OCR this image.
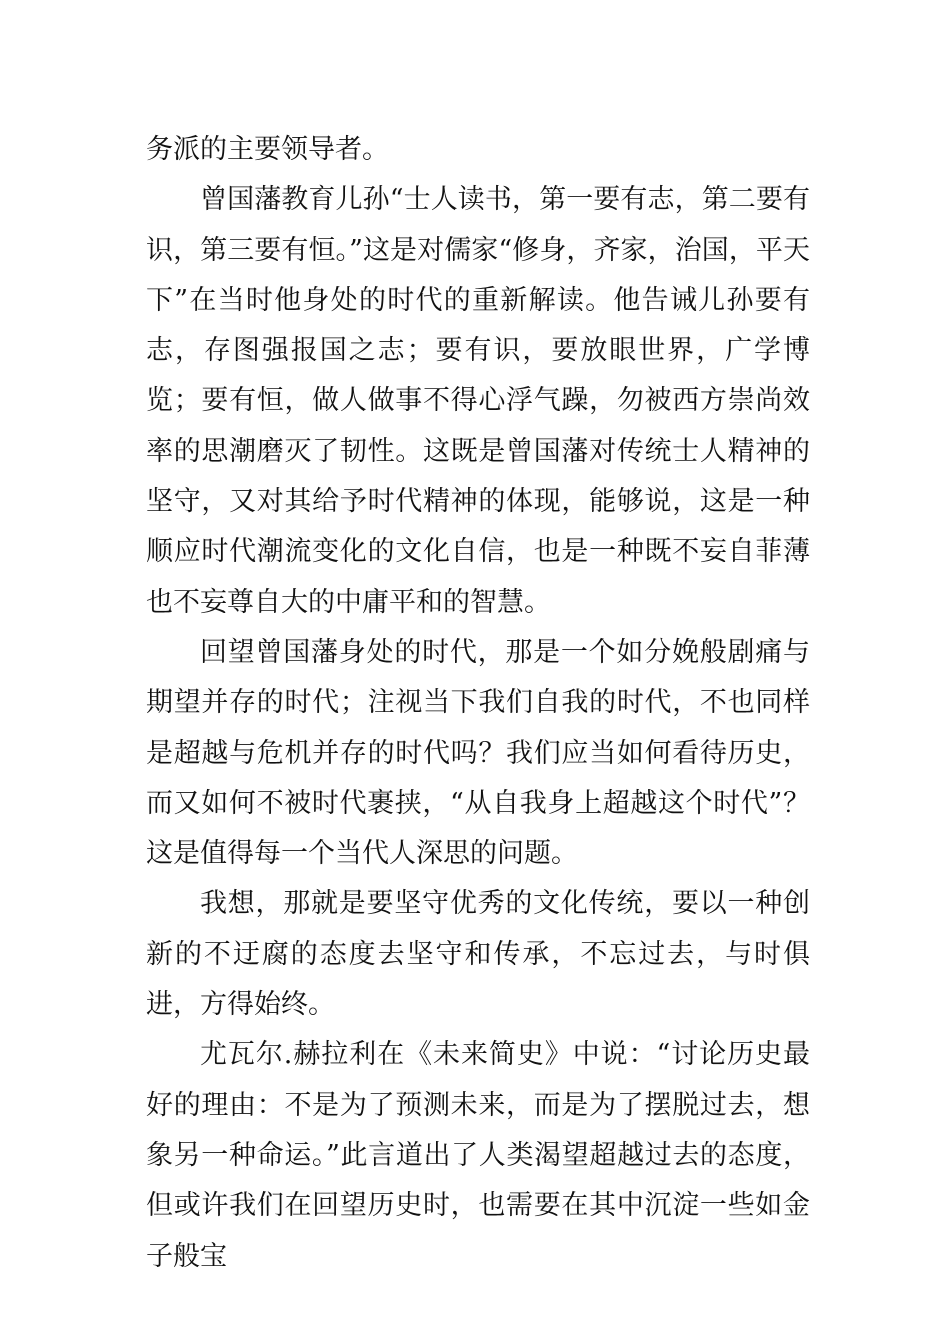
务派的主要领导者。

曾国藩教育儿孙“士人读书，第一要有志，第二要有识，第三要有恒。”这是对儒家“修身，齐家，治国，平天下”在当时他身处的时代的重新解读。他告诫儿孙要有志，存图强报国之志；要有识，要放眼世界，广学博览；要有恒，做人做事不得心浮气躁，勿被西方崇尚效率的思潮磨灭了韧性。这既是曾国藩对传统士人精神的坚守，又对其给予时代精神的体现，能够说，这是一种顺应时代潮流变化的文化自信，也是一种既不妄自菲薄也不妄尊自大的中庸平和的智慧。

回望曾国藩身处的时代，那是一个如分娩般剧痛与期望并存的时代；注视当下我们自我的时代，不也同样是超越与危机并存的时代吗？我们应当如何看待历史，而又如何不被时代裹挟，“从自我身上超越这个时代”？这是值得每一个当代人深思的问题。

我想，那就是要坚守优秀的文化传统，要以一种创新的不迂腐的态度去坚守和传承，不忘过去，与时俱进，方得始终。

尤瓦尔.赫拉利在《未来简史》中说：“讨论历史最好的理由：不是为了预测未来，而是为了摆脱过去，想象另一种命运。”此言道出了人类渴望超越过去的态度，但或许我们在回望历史时，也需要在其中沉淀一些如金子般宝
